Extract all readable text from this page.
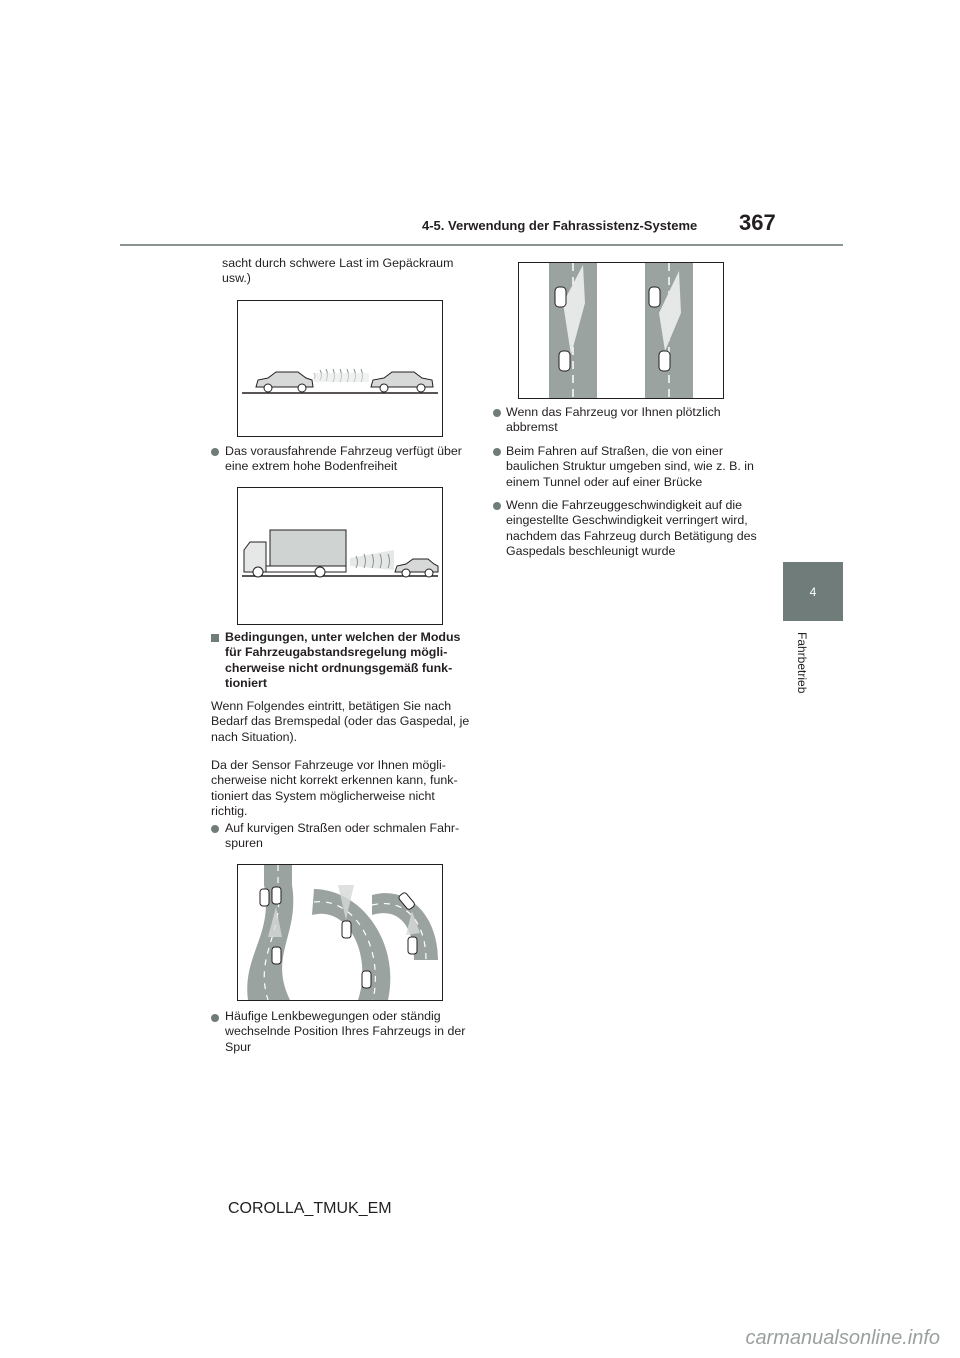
4-5. Verwendung der Fahrassistenz-Systeme 367
4
Fahrbetrieb
sacht durch schwere Last im Gepäckraum usw.)
Das vorausfahrende Fahrzeug verfügt über eine extrem hohe Bodenfreiheit
Bedingungen, unter welchen der Modus für Fahrzeugabstandsregelung möglicherweise nicht ordnungsgemäß funktioniert
Wenn Folgendes eintritt, betätigen Sie nach Bedarf das Bremspedal (oder das Gaspedal, je nach Situation).
Da der Sensor Fahrzeuge vor Ihnen möglicherweise nicht korrekt erkennen kann, funktioniert das System möglicherweise nicht richtig.
Auf kurvigen Straßen oder schmalen Fahrspuren
Häufige Lenkbewegungen oder ständig wechselnde Position Ihres Fahrzeugs in der Spur
Wenn das Fahrzeug vor Ihnen plötzlich abbremst
Beim Fahren auf Straßen, die von einer baulichen Struktur umgeben sind, wie z. B. in einem Tunnel oder auf einer Brücke
Wenn die Fahrzeuggeschwindigkeit auf die eingestellte Geschwindigkeit verringert wird, nachdem das Fahrzeug durch Betätigung des Gaspedals beschleunigt wurde
COROLLA_TMUK_EM
carmanualsonline.info
